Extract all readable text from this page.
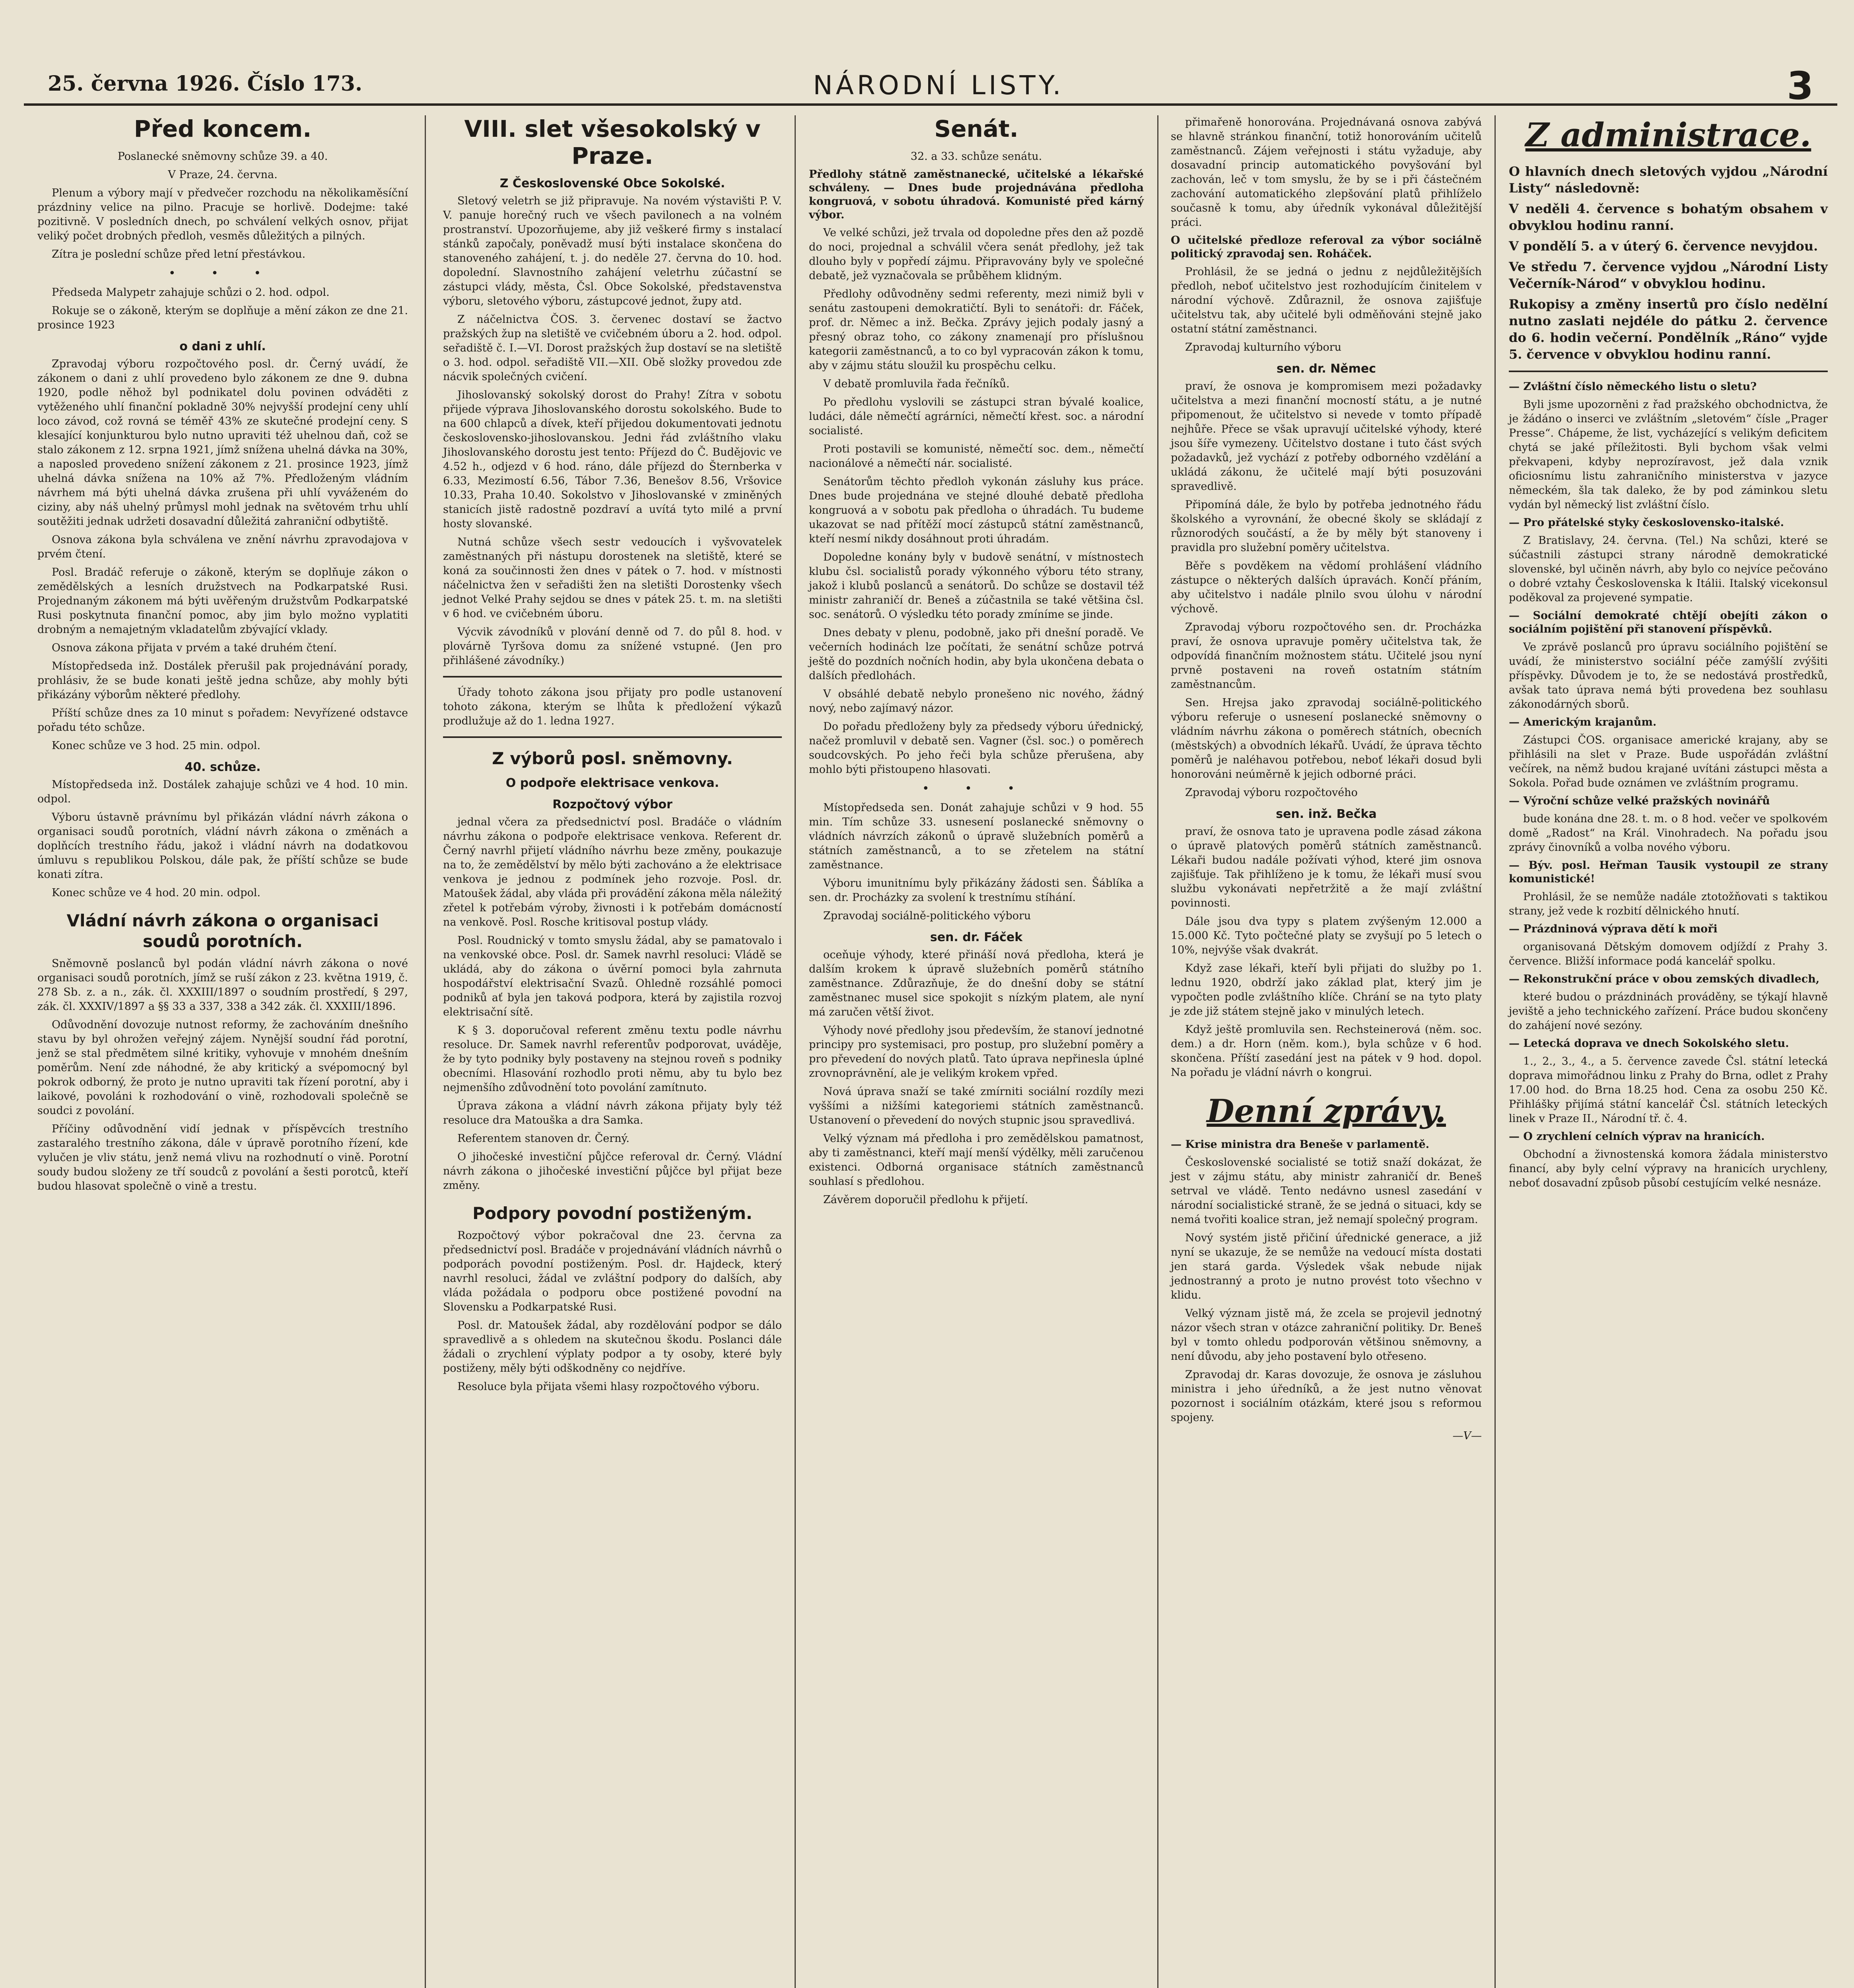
25. června 1926. Číslo 173.	NÁRODNÍ LISTY.	3
Před koncem.

Poslanecké sněmovny schůze 39. a 40.

V Praze, 24. června.

Plenum a výbory mají v předvečer rozchodu na několikaměsíční prázdniny velice na pilno. Pracuje se horlivě. Dodejme: také pozitivně. V posledních dnech, po schválení velkých osnov, přijat veliký počet drobných předloh, vesměs důležitých a pilných.

Zítra je poslední schůze před letní přestávkou.

• • •

Předseda Malypetr zahajuje schůzi o 2. hod. odpol.

Rokuje se o zákoně, kterým se doplňuje a mění zákon ze dne 21. prosince 1923

o dani z uhlí.

Zpravodaj výboru rozpočtového posl. dr. Černý uvádí, že zákonem o dani z uhlí provedeno bylo zákonem ze dne 9. dubna 1920, podle něhož byl podnikatel dolu povinen odváděti z vytěženého uhlí finanční pokladně 30% nejvyšší prodejní ceny uhlí loco závod, což rovná se téměř 43% ze skutečné prodejní ceny. S klesající konjunkturou bylo nutno upraviti též uhelnou daň, což se stalo zákonem z 12. srpna 1921, jímž snížena uhelná dávka na 30%, a naposled provedeno snížení zákonem z 21. prosince 1923, jímž uhelná dávka snížena na 10% až 7%. Předloženým vládním návrhem má býti uhelná dávka zrušena při uhlí vyváženém do ciziny, aby náš uhelný průmysl mohl jednak na světovém trhu uhlí soutěžiti jednak udržeti dosavadní důležitá zahraniční odbytiště.

Osnova zákona byla schválena ve znění návrhu zpravodajova v prvém čtení.

Posl. Bradáč referuje o zákoně, kterým se doplňuje zákon o zemědělských a lesních družstvech na Podkarpatské Rusi. Projednaným zákonem má býti uvěřeným družstvům Podkarpatské Rusi poskytnuta finanční pomoc, aby jim bylo možno vyplatiti drobným a nemajetným vkladatelům zbývající vklady.

Osnova zákona přijata v prvém a také druhém čtení.

Místopředseda inž. Dostálek přerušil pak projednávání porady, prohlásiv, že se bude konati ještě jedna schůze, aby mohly býti přikázány výborům některé předlohy.

Příští schůze dnes za 10 minut s pořadem: Nevyřízené odstavce pořadu této schůze.

Konec schůze ve 3 hod. 25 min. odpol.

40. schůze.

Místopředseda inž. Dostálek zahajuje schůzi ve 4 hod. 10 min. odpol.

Výboru ústavně právnímu byl přikázán vládní návrh zákona o organisaci soudů porotních, vládní návrh zákona o změnách a doplňcích trestního řádu, jakož i vládní návrh na dodatkovou úmluvu s republikou Polskou, dále pak, že příští schůze se bude konati zítra.

Konec schůze ve 4 hod. 20 min. odpol.

Vládní návrh zákona o organisaci soudů porotních.

Sněmovně poslanců byl podán vládní návrh zákona o nové organisaci soudů porotních, jímž se ruší zákon z 23. května 1919, č. 278 Sb. z. a n., zák. čl. XXXIII/1897 o soudním prostředí, § 297, zák. čl. XXXIV/1897 a §§ 33 a 337, 338 a 342 zák. čl. XXXIII/1896.

Odůvodnění dovozuje nutnost reformy, že zachováním dnešního stavu by byl ohrožen veřejný zájem. Nynější soudní řád porotní, jenž se stal předmětem silné kritiky, vyhovuje v mnohém dnešním poměrům. Není zde náhodné, že aby kritický a svépomocný byl pokrok odborný, že proto je nutno upraviti tak řízení porotní, aby i laikové, povoláni k rozhodování o vině, rozhodovali společně se soudci z povolání.

Příčiny odůvodnění vidí jednak v příspěvcích trestního zastaralého trestního zákona, dále v úpravě porotního řízení, kde vylučen je vliv státu, jenž nemá vlivu na rozhodnutí o vině. Porotní soudy budou složeny ze tří soudců z povolání a šesti porotců, kteří budou hlasovat společně o vině a trestu.

VIII. slet všesokolský v Praze.
Z Československé Obce Sokolské.

Sletový veletrh se již připravuje. Na novém výstavišti P. V. V. panuje horečný ruch ve všech pavilonech a na volném prostranství. Upozorňujeme, aby již veškeré firmy s instalací stánků započaly, poněvadž musí býti instalace skončena do stanoveného zahájení, t. j. do neděle 27. června do 10. hod. dopolední. Slavnostního zahájení veletrhu zúčastní se zástupci vlády, města, Čsl. Obce Sokolské, představenstva výboru, sletového výboru, zástupcové jednot, župy atd.

Z náčelnictva ČOS. 3. červenec dostaví se žactvo pražských žup na sletiště ve cvičebném úboru a 2. hod. odpol. seřadiště č. I.—VI. Dorost pražských žup dostaví se na sletiště o 3. hod. odpol. seřadiště VII.—XII. Obě složky provedou zde nácvik společných cvičení.

Jihoslovanský sokolský dorost do Prahy! Zítra v sobotu přijede výprava Jihoslovanského dorostu sokolského. Bude to na 600 chlapců a dívek, kteří přijedou dokumentovati jednotu československo-jihoslovanskou. Jedni řád zvláštního vlaku Jihoslovanského dorostu jest tento: Příjezd do Č. Budějovic ve 4.52 h., odjezd v 6 hod. ráno, dále příjezd do Šternberka v 6.33, Mezimostí 6.56, Tábor 7.36, Benešov 8.56, Vršovice 10.33, Praha 10.40. Sokolstvo v Jihoslovanské v zminěných stanicích jistě radostně pozdraví a uvítá tyto milé a první hosty slovanské.

Nutná schůze všech sestr vedoucích i vyšvovatelek zaměstnaných při nástupu dorostenek na sletiště, které se koná za součinnosti žen dnes v pátek o 7. hod. v místnosti náčelnictva žen v seřadišti žen na sletišti Dorostenky všech jednot Velké Prahy sejdou se dnes v pátek 25. t. m. na sletišti v 6 hod. ve cvičebném úboru.

Výcvik závodníků v plování denně od 7. do půl 8. hod. v plovárně Tyršova domu za snížené vstupné. (Jen pro přihlášené závodníky.)

Úřady tohoto zákona jsou přijaty pro podle ustanovení tohoto zákona, kterým se lhůta k předložení výkazů prodlužuje až do 1. ledna 1927.

Z výborů posl. sněmovny.
O podpoře elektrisace venkova.
Rozpočtový výbor

jednal včera za předsednictví posl. Bradáče o vládním návrhu zákona o podpoře elektrisace venkova. Referent dr. Černý navrhl přijetí vládního návrhu beze změny, poukazuje na to, že zemědělství by mělo býti zachováno a že elektrisace venkova je jednou z podmínek jeho rozvoje. Posl. dr. Matoušek žádal, aby vláda při provádění zákona měla náležitý zřetel k potřebám výroby, živnosti i k potřebám domácností na venkově. Posl. Rosche kritisoval postup vlády.

Posl. Roudnický v tomto smyslu žádal, aby se pamatovalo i na venkovské obce. Posl. dr. Samek navrhl resoluci: Vládě se ukládá, aby do zákona o úvěrní pomoci byla zahrnuta hospodářství elektrisační Svazů. Ohledně rozsáhlé pomoci podniků ať byla jen taková podpora, která by zajistila rozvoj elektrisační sítě.

K § 3. doporučoval referent změnu textu podle návrhu resoluce. Dr. Samek navrhl referentův podporovat, uváděje, že by tyto podniky byly postaveny na stejnou roveň s podniky obecními. Hlasování rozhodlo proti němu, aby tu bylo bez nejmenšího zdůvodnění toto povolání zamítnuto.

Úprava zákona a vládní návrh zákona přijaty byly též resoluce dra Matouška a dra Samka.

Referentem stanoven dr. Černý.

O jihočeské investiční půjčce referoval dr. Černý. Vládní návrh zákona o jihočeské investiční půjčce byl přijat beze změny.

Podpory povodní postiženým.

Rozpočtový výbor pokračoval dne 23. června za předsednictví posl. Bradáče v projednávání vládních návrhů o podporách povodní postiženým. Posl. dr. Hajdeck, který navrhl resoluci, žádal ve zvláštní podpory do dalších, aby vláda požádala o podporu obce postižené povodní na Slovensku a Podkarpatské Rusi.

Posl. dr. Matoušek žádal, aby rozdělování podpor se dálo spravedlivě a s ohledem na skutečnou škodu. Poslanci dále žádali o zrychlení výplaty podpor a ty osoby, které byly postiženy, měly býti odškodněny co nejdříve.

Resoluce byla přijata všemi hlasy rozpočtového výboru.

Senát.

32. a 33. schůze senátu.

Předlohy státně zaměstnanecké, učitelské a lékařské schváleny. — Dnes bude projednávána předloha kongruová, v sobotu úhradová. Komunisté před kárný výbor.

Ve velké schůzi, jež trvala od dopoledne přes den až pozdě do noci, projednal a schválil včera senát předlohy, jež tak dlouho byly v popředí zájmu. Připravovány byly ve společné debatě, jež vyznačovala se průběhem klidným.

Předlohy odůvodněny sedmi referenty, mezi nimiž byli v senátu zastoupeni demokratičtí. Byli to senátoři: dr. Fáček, prof. dr. Němec a inž. Bečka. Zprávy jejich podaly jasný a přesný obraz toho, co zákony znamenají pro příslušnou kategorii zaměstnanců, a to co byl vypracován zákon k tomu, aby v zájmu státu sloužil ku prospěchu celku.

V debatě promluvila řada řečníků.

Po předlohu vyslovili se zástupci stran bývalé koalice, ludáci, dále němečtí agrárníci, němečtí křest. soc. a národní socialisté.

Proti postavili se komunisté, němečtí soc. dem., němečtí nacionálové a němečtí nár. socialisté.

Senátorům těchto předloh vykonán zásluhy kus práce. Dnes bude projednána ve stejné dlouhé debatě předloha kongruová a v sobotu pak předloha o úhradách. Tu budeme ukazovat se nad přítěží mocí zástupců státní zaměstnanců, kteří nesmí nikdy dosáhnout proti úhradám.

Dopoledne konány byly v budově senátní, v místnostech klubu čsl. socialistů porady výkonného výboru této strany, jakož i klubů poslanců a senátorů. Do schůze se dostavil též ministr zahraničí dr. Beneš a zúčastnila se také většina čsl. soc. senátorů. O výsledku této porady zmíníme se jinde.

Dnes debaty v plenu, podobně, jako při dnešní poradě. Ve večerních hodinách lze počítati, že senátní schůze potrvá ještě do pozdních nočních hodin, aby byla ukončena debata o dalších předlohách.

V obsáhlé debatě nebylo pronešeno nic nového, žádný nový, nebo zajímavý názor.

Do pořadu předloženy byly za předsedy výboru úřednický, načež promluvil v debatě sen. Vagner (čsl. soc.) o poměrech soudcovských. Po jeho řeči byla schůze přerušena, aby mohlo býti přistoupeno hlasovati.

• • •

Místopředseda sen. Donát zahajuje schůzi v 9 hod. 55 min. Tím schůze 33. usnesení poslanecké sněmovny o vládních návrzích zákonů o úpravě služebních poměrů a státních zaměstnanců, a to se zřetelem na státní zaměstnance.

Výboru imunitnímu byly přikázány žádosti sen. Šáblíka a sen. dr. Procházky za svolení k trestnímu stíhání.

Zpravodaj sociálně-politického výboru

sen. dr. Fáček

oceňuje výhody, které přináší nová předloha, která je dalším krokem k úpravě služebních poměrů státního zaměstnance. Zdůrazňuje, že do dnešní doby se státní zaměstnanec musel sice spokojit s nízkým platem, ale nyní má zaručen větší život.

Výhody nové předlohy jsou především, že stanoví jednotné principy pro systemisaci, pro postup, pro služební poměry a pro převedení do nových platů. Tato úprava nepřinesla úplné zrovnoprávnění, ale je velikým krokem vpřed.

Nová úprava snaží se také zmírniti sociální rozdíly mezi vyššími a nižšími kategoriemi státních zaměstnanců. Ustanovení o převedení do nových stupnic jsou spravedlivá.

Velký význam má předloha i pro zemědělskou pamatnost, aby ti zaměstnanci, kteří mají menší výdělky, měli zaručenou existenci. Odborná organisace státních zaměstnanců souhlasí s předlohou.

Závěrem doporučil předlohu k přijetí.

přimařeně honorována. Projednávaná osnova zabývá se hlavně stránkou finanční, totiž honorováním učitelů zaměstnanců. Zájem veřejnosti i státu vyžaduje, aby dosavadní princip automatického povyšování byl zachován, leč v tom smyslu, že by se i při částečném zachování automatického zlepšování platů přihlíželo současně k tomu, aby úředník vykonával důležitější práci.

O učitelské předloze referoval za výbor sociálně politický zpravodaj sen. Roháček.

Prohlásil, že se jedná o jednu z nejdůležitějších předloh, neboť učitelstvo jest rozhodujícím činitelem v národní výchově. Zdůraznil, že osnova zajišťuje učitelstvu tak, aby učitelé byli odměňováni stejně jako ostatní státní zaměstnanci.

Zpravodaj kulturního výboru

sen. dr. Němec

praví, že osnova je kompromisem mezi požadavky učitelstva a mezi finanční mocností státu, a je nutné připomenout, že učitelstvo si nevede v tomto případě nejhůře. Přece se však upravují učitelské výhody, které jsou šíře vymezeny. Učitelstvo dostane i tuto část svých požadavků, jež vychází z potřeby odborného vzdělání a ukládá zákonu, že učitelé mají býti posuzováni spravedlivě.

Připomíná dále, že bylo by potřeba jednotného řádu školského a vyrovnání, že obecné školy se skládají z různorodých součástí, a že by měly být stanoveny i pravidla pro služební poměry učitelstva.

Běře s povděkem na vědomí prohlášení vládního zástupce o některých dalších úpravách. Končí přáním, aby učitelstvo i nadále plnilo svou úlohu v národní výchově.

Zpravodaj výboru rozpočtového sen. dr. Procházka praví, že osnova upravuje poměry učitelstva tak, že odpovídá finančním možnostem státu. Učitelé jsou nyní prvně postaveni na roveň ostatním státním zaměstnancům.

Sen. Hrejsa jako zpravodaj sociálně-politického výboru referuje o usnesení poslanecké sněmovny o vládním návrhu zákona o poměrech státních, obecních (městských) a obvodních lékařů. Uvádí, že úprava těchto poměrů je naléhavou potřebou, neboť lékaři dosud byli honorováni neúměrně k jejich odborné práci.

Zpravodaj výboru rozpočtového

sen. inž. Bečka

praví, že osnova tato je upravena podle zásad zákona o úpravě platových poměrů státních zaměstnanců. Lékaři budou nadále požívati výhod, které jim osnova zajišťuje. Tak přihlíženo je k tomu, že lékaři musí svou službu vykonávati nepřetržitě a že mají zvláštní povinnosti.

Dále jsou dva typy s platem zvýšeným 12.000 a 15.000 Kč. Tyto počtečné platy se zvyšují po 5 letech o 10%, nejvýše však dvakrát.

Když zase lékaři, kteří byli přijati do služby po 1. lednu 1920, obdrží jako základ plat, který jim je vypočten podle zvláštního klíče. Chrání se na tyto platy je zde již státem stejně jako v minulých letech.

Když ještě promluvila sen. Rechsteinerová (něm. soc. dem.) a dr. Horn (něm. kom.), byla schůze v 6 hod. skončena. Příští zasedání jest na pátek v 9 hod. dopol. Na pořadu je vládní návrh o kongrui.

Denní zprávy.
— Krise ministra dra Beneše v parlamentě.

Československé socialisté se totiž snaží dokázat, že jest v zájmu státu, aby ministr zahraničí dr. Beneš setrval ve vládě. Tento nedávno usnesl zasedání v národní socialistické straně, že se jedná o situaci, kdy se nemá tvořiti koalice stran, jež nemají společný program.

Nový systém jistě přičiní úřednické generace, a již nyní se ukazuje, že se nemůže na vedoucí místa dostati jen stará garda. Výsledek však nebude nijak jednostranný a proto je nutno provést toto všechno v klidu.

Velký význam jistě má, že zcela se projevil jednotný názor všech stran v otázce zahraniční politiky. Dr. Beneš byl v tomto ohledu podporován většinou sněmovny, a není důvodu, aby jeho postavení bylo otřeseno.

Zpravodaj dr. Karas dovozuje, že osnova je zásluhou ministra i jeho úředníků, a že jest nutno věnovat pozornost i sociálním otázkám, které jsou s reformou spojeny.

—V—
Z administrace.

O hlavních dnech sletových vyjdou „Národní Listy“ následovně:

V neděli 4. července s bohatým obsahem v obvyklou hodinu ranní.

V pondělí 5. a v úterý 6. července nevyjdou.

Ve středu 7. července vyjdou „Národní Listy Večerník-Národ“ v obvyklou hodinu.

Rukopisy a změny insertů pro číslo nedělní nutno zaslati nejdéle do pátku 2. července do 6. hodin večerní. Pondělník „Ráno“ vyjde 5. července v obvyklou hodinu ranní.

— Zvláštní číslo německého listu o sletu?

Byli jsme upozorněni z řad pražského obchodnictva, že je žádáno o inserci ve zvláštním „sletovém“ čísle „Prager Presse“. Chápeme, že list, vycházející s velikým deficitem chytá se jaké příležitosti. Byli bychom však velmi překvapeni, kdyby neprozíravost, jež dala vznik oficiosnímu listu zahraničního ministerstva v jazyce německém, šla tak daleko, že by pod záminkou sletu vydán byl německý list zvláštní číslo.

— Pro přátelské styky československo-italské.

Z Bratislavy, 24. června. (Tel.) Na schůzi, které se súčastnili zástupci strany národně demokratické slovenské, byl učiněn návrh, aby bylo co nejvíce pečováno o dobré vztahy Československa k Itálii. Italský vicekonsul poděkoval za projevené sympatie.

— Sociální demokraté chtějí obejíti zákon o sociálním pojištění při stanovení příspěvků.

Ve zprávě poslanců pro úpravu sociálního pojištění se uvádí, že ministerstvo sociální péče zamýšlí zvýšiti příspěvky. Důvodem je to, že se nedostává prostředků, avšak tato úprava nemá býti provedena bez souhlasu zákonodárných sborů.

— Americkým krajanům.

Zástupci ČOS. organisace americké krajany, aby se přihlásili na slet v Praze. Bude uspořádán zvláštní večírek, na němž budou krajané uvítáni zástupci města a Sokola. Pořad bude oznámen ve zvláštním programu.

— Výroční schůze velké pražských novinářů

bude konána dne 28. t. m. o 8 hod. večer ve spolkovém domě „Radost“ na Král. Vinohradech. Na pořadu jsou zprávy činovníků a volba nového výboru.

— Býv. posl. Heřman Tausik vystoupil ze strany komunistické!

Prohlásil, že se nemůže nadále ztotožňovati s taktikou strany, jež vede k rozbití dělnického hnutí.

— Prázdninová výprava dětí k moři

organisovaná Dětským domovem odjíždí z Prahy 3. července. Bližší informace podá kancelář spolku.

— Rekonstrukční práce v obou zemských divadlech,

které budou o prázdninách prováděny, se týkají hlavně jeviště a jeho technického zařízení. Práce budou skončeny do zahájení nové sezóny.

— Letecká doprava ve dnech Sokolského sletu.

1., 2., 3., 4., a 5. července zavede Čsl. státní letecká doprava mimořádnou linku z Prahy do Brna, odlet z Prahy 17.00 hod. do Brna 18.25 hod. Cena za osobu 250 Kč. Přihlášky přijímá státní kancelář Čsl. státních leteckých linek v Praze II., Národní tř. č. 4.

— O zrychlení celních výprav na hranicích.

Obchodní a živnostenská komora žádala ministerstvo financí, aby byly celní výpravy na hranicích urychleny, neboť dosavadní způsob působí cestujícím velké nesnáze.
